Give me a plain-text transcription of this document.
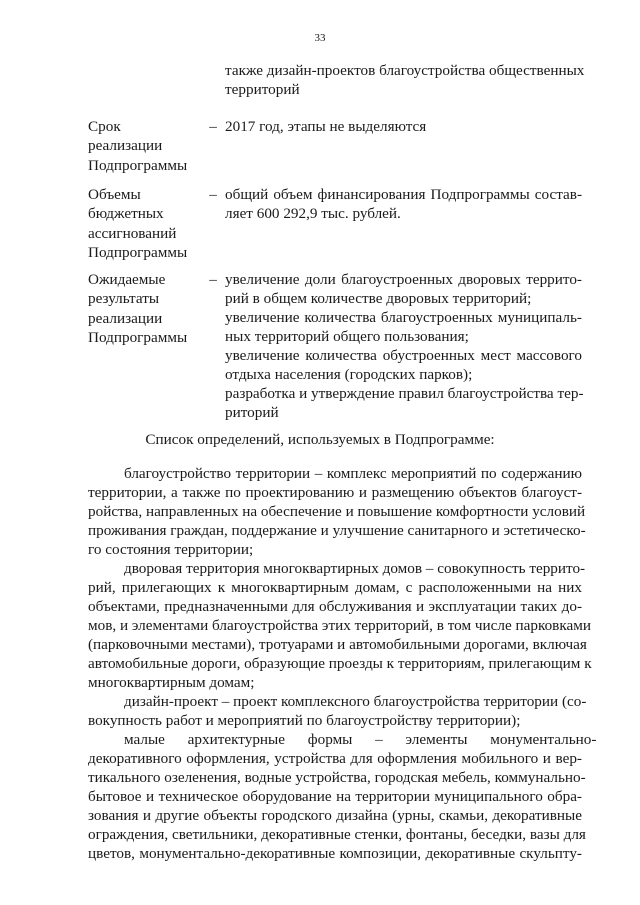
33
также дизайн-проектов благоустройства общественных
территорий
Срок
реализации
Подпрограммы
– 2017 год, этапы не выделяются
Объемы
бюджетных
ассигнований
Подпрограммы
– общий объем финансирования Подпрограммы состав-
ляет 600 292,9 тыс. рублей.
Ожидаемые
результаты
реализации
Подпрограммы
– увеличение доли благоустроенных дворовых террито-
рий в общем количестве дворовых территорий;
увеличение количества благоустроенных муниципаль-
ных территорий общего пользования;
увеличение количества обустроенных мест массового
отдыха населения (городских парков);
разработка и утверждение правил благоустройства тер-
риторий
Список определений, используемых в Подпрограмме:
благоустройство территории – комплекс мероприятий по содержанию
территории, а также по проектированию и размещению объектов благоуст-
ройства, направленных на обеспечение и повышение комфортности условий
проживания граждан, поддержание и улучшение санитарного и эстетическо-
го состояния территории;
дворовая территория многоквартирных домов – совокупность террито-
рий, прилегающих к многоквартирным домам, с расположенными на них
объектами, предназначенными для обслуживания и эксплуатации таких до-
мов, и элементами благоустройства этих территорий, в том числе парковками
(парковочными местами), тротуарами и автомобильными дорогами, включая
автомобильные дороги, образующие проезды к территориям, прилегающим к
многоквартирным домам;
дизайн-проект – проект комплексного благоустройства территории (со-
вокупность работ и мероприятий по благоустройству территории);
малые      архитектурные      формы      –      элементы      монументально-
декоративного оформления, устройства для оформления мобильного и вер-
тикального озеленения, водные устройства, городская мебель, коммунально-
бытовое и техническое оборудование на территории муниципального обра-
зования и другие объекты городского дизайна (урны, скамьи, декоративные
ограждения, светильники, декоративные стенки, фонтаны, беседки, вазы для
цветов, монументально-декоративные композиции, декоративные скульпту-
